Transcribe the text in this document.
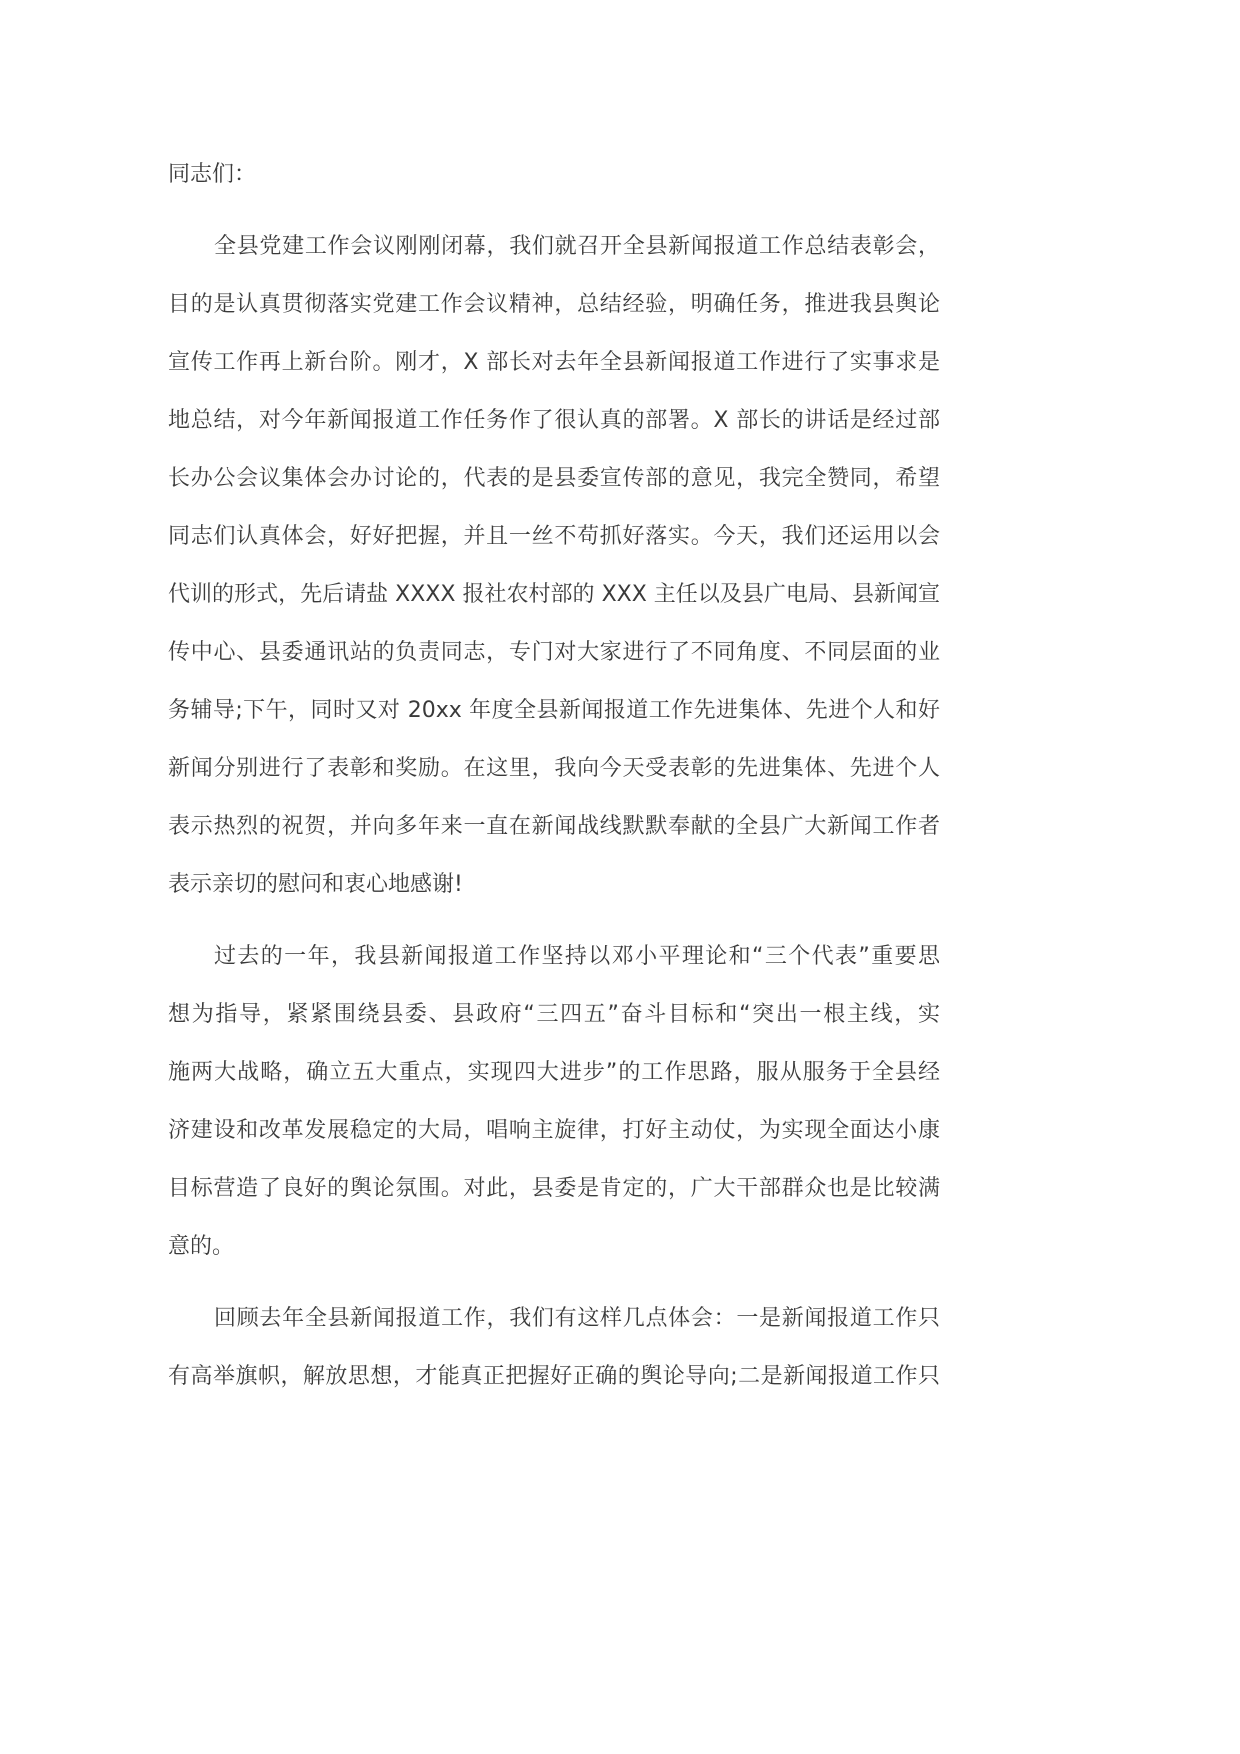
同志们：
全县党建工作会议刚刚闭幕，我们就召开全县新闻报道工作总结表彰会，
目的是认真贯彻落实党建工作会议精神，总结经验，明确任务，推进我县舆论
宣传工作再上新台阶。刚才，X 部长对去年全县新闻报道工作进行了实事求是
地总结，对今年新闻报道工作任务作了很认真的部署。X 部长的讲话是经过部
长办公会议集体会办讨论的，代表的是县委宣传部的意见，我完全赞同，希望
同志们认真体会，好好把握，并且一丝不苟抓好落实。今天，我们还运用以会
代训的形式，先后请盐 XXXX 报社农村部的 XXX 主任以及县广电局、县新闻宣
传中心、县委通讯站的负责同志，专门对大家进行了不同角度、不同层面的业
务辅导;下午，同时又对 20xx 年度全县新闻报道工作先进集体、先进个人和好
新闻分别进行了表彰和奖励。在这里，我向今天受表彰的先进集体、先进个人
表示热烈的祝贺，并向多年来一直在新闻战线默默奉献的全县广大新闻工作者
表示亲切的慰问和衷心地感谢!
过去的一年，我县新闻报道工作坚持以邓小平理论和“三个代表”重要思
想为指导，紧紧围绕县委、县政府“三四五”奋斗目标和“突出一根主线，实
施两大战略，确立五大重点，实现四大进步”的工作思路，服从服务于全县经
济建设和改革发展稳定的大局，唱响主旋律，打好主动仗，为实现全面达小康
目标营造了良好的舆论氛围。对此，县委是肯定的，广大干部群众也是比较满
意的。
回顾去年全县新闻报道工作，我们有这样几点体会：一是新闻报道工作只
有高举旗帜，解放思想，才能真正把握好正确的舆论导向;二是新闻报道工作只
